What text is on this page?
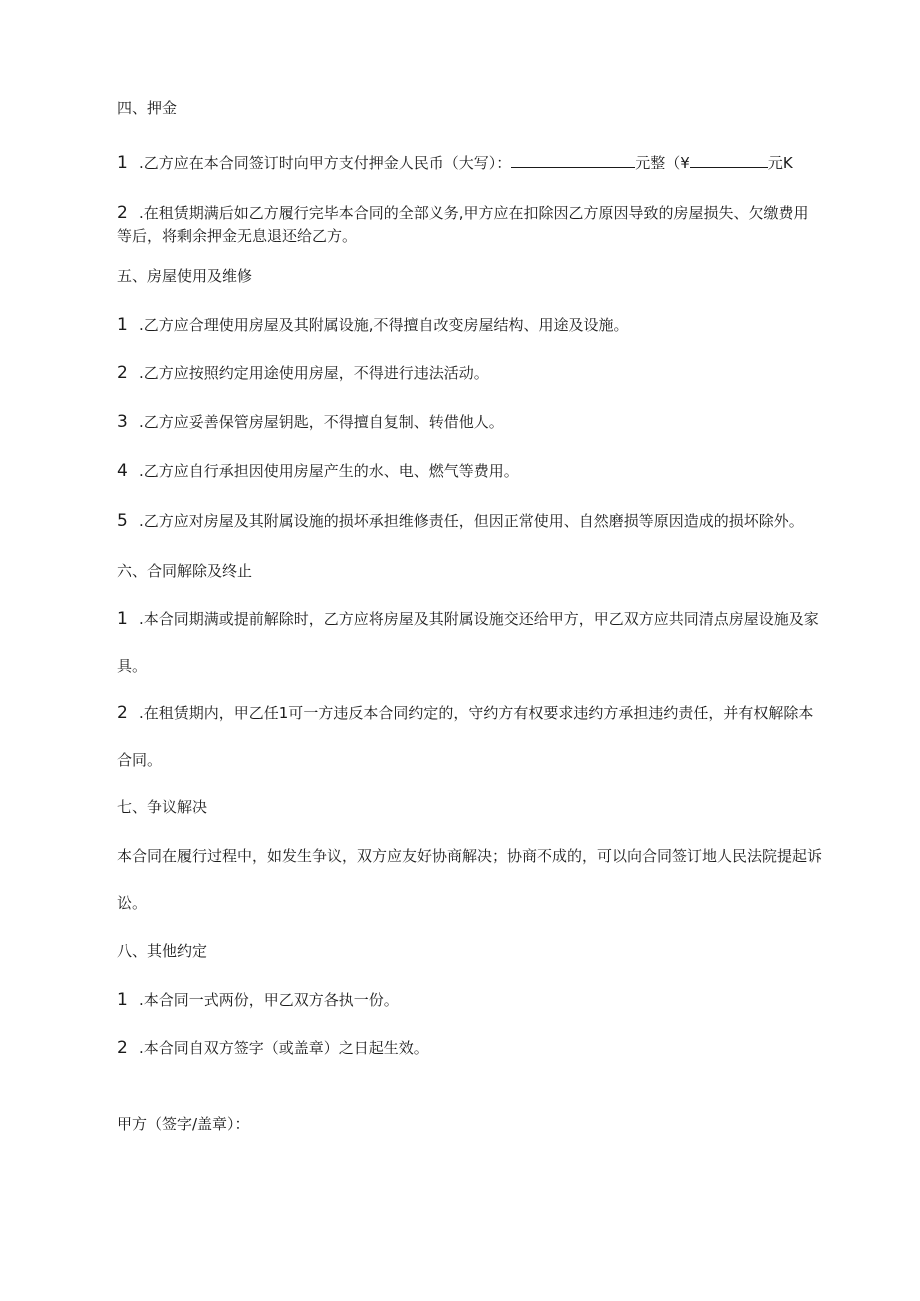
四、押金
1 .乙方应在本合同签订时向甲方支付押金人民币（大写）：	元整（¥	元K
2 .在租赁期满后如乙方履行完毕本合同的全部义务,甲方应在扣除因乙方原因导致的房屋损失、欠缴费用
等后，将剩余押金无息退还给乙方。
五、房屋使用及维修
1 .乙方应合理使用房屋及其附属设施,不得擅自改变房屋结构、用途及设施。
2 .乙方应按照约定用途使用房屋，不得进行违法活动。
3 .乙方应妥善保管房屋钥匙，不得擅自复制、转借他人。
4 .乙方应自行承担因使用房屋产生的水、电、燃气等费用。
5 .乙方应对房屋及其附属设施的损坏承担维修责任，但因正常使用、自然磨损等原因造成的损坏除外。
六、合同解除及终止
1 .本合同期满或提前解除时，乙方应将房屋及其附属设施交还给甲方，甲乙双方应共同清点房屋设施及家
具。
2 .在租赁期内，甲乙任1可一方违反本合同约定的，守约方有权要求违约方承担违约责任，并有权解除本
合同。
七、争议解决
本合同在履行过程中，如发生争议，双方应友好协商解决；协商不成的，可以向合同签订地人民法院提起诉
讼。
八、其他约定
1 .本合同一式两份，甲乙双方各执一份。
2 .本合同自双方签字（或盖章）之日起生效。
甲方（签字/盖章）：
